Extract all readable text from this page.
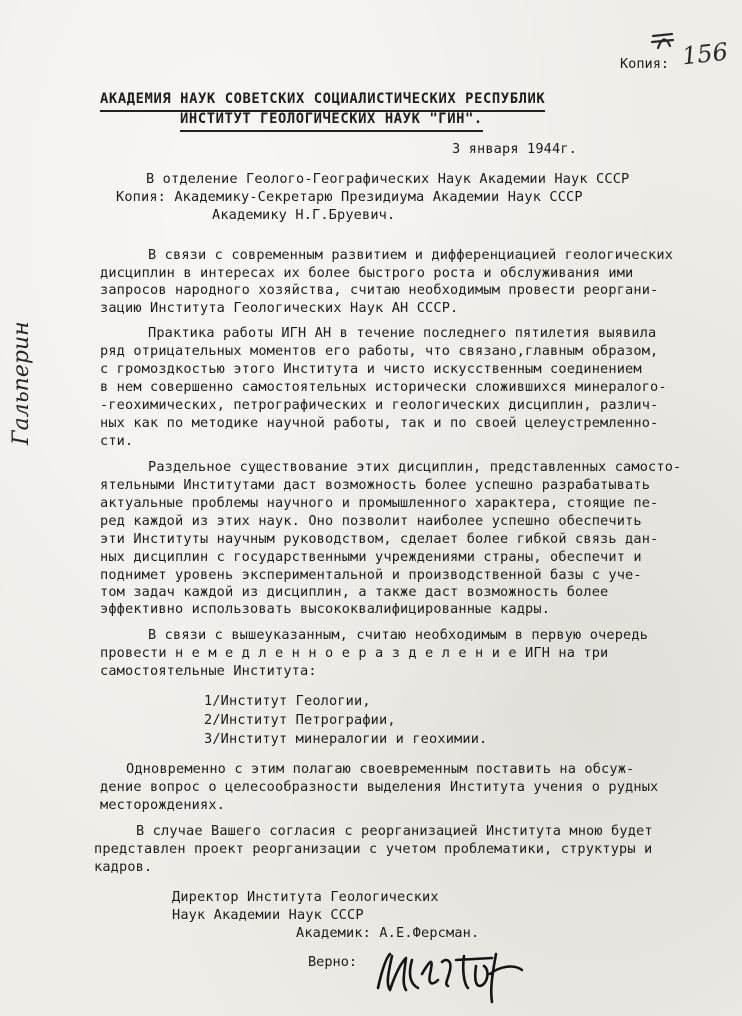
Копия: 156
АКАДЕМИЯ НАУК СОВЕТСКИХ СОЦИАЛИСТИЧЕСКИХ РЕСПУБЛИК
ИНСТИТУТ ГЕОЛОГИЧЕСКИХ НАУК "ГИН".
3 января 1944г.
В отделение Геолого-Географических Наук Академии Наук СССР
Копия: Академику-Секретарю Президиума Академии Наук СССР
Академику Н.Г.Бруевич.
Гальперин
В связи с современным развитием и дифференциацией геологических
дисциплин в интересах их более быстрого роста и обслуживания ими
запросов народного хозяйства, считаю необходимым провести реоргани-
зацию Института Геологических Наук АН СССР.
Практика работы ИГН АН в течение последнего пятилетия выявила
ряд отрицательных моментов его работы, что связано,главным образом,
с громоздкостью этого Института и чисто искусственным соединением
в нем совершенно самостоятельных исторически сложившихся минералого-
-геохимических, петрографических и геологических дисциплин, различ-
ных как по методике научной работы, так и по своей целеустремленно-
сти.
Раздельное существование этих дисциплин, представленных самосто-
ятельными Институтами даст возможность более успешно разрабатывать
актуальные проблемы научного и промышленного характера, стоящие пе-
ред каждой из этих наук. Оно позволит наиболее успешно обеспечить
эти Институты научным руководством, сделает более гибкой связь дан-
ных дисциплин с государственными учреждениями страны, обеспечит и
поднимет уровень экспериментальной и производственной базы с уче-
том задач каждой из дисциплин, а также даст возможность более
эффективно использовать высококвалифицированные кадры.
В связи с вышеуказанным, считаю необходимым в первую очередь
провести н е м е д л е н н о е р а з д е л е н и е ИГН на три
самостоятельные Института:
1/Институт Геологии,
2/Институт Петрографии,
3/Институт минералогии и геохимии.
Одновременно с этим полагаю своевременным поставить на обсуж-
дение вопрос о целесообразности выделения Института учения о рудных
месторождениях.
В случае Вашего согласия с реорганизацией Института мною будет
представлен проект реорганизации с учетом проблематики, структуры и
кадров.
Директор Института Геологических
Наук Академии Наук СССР
Академик: А.Е.Ферсман.
Верно:
